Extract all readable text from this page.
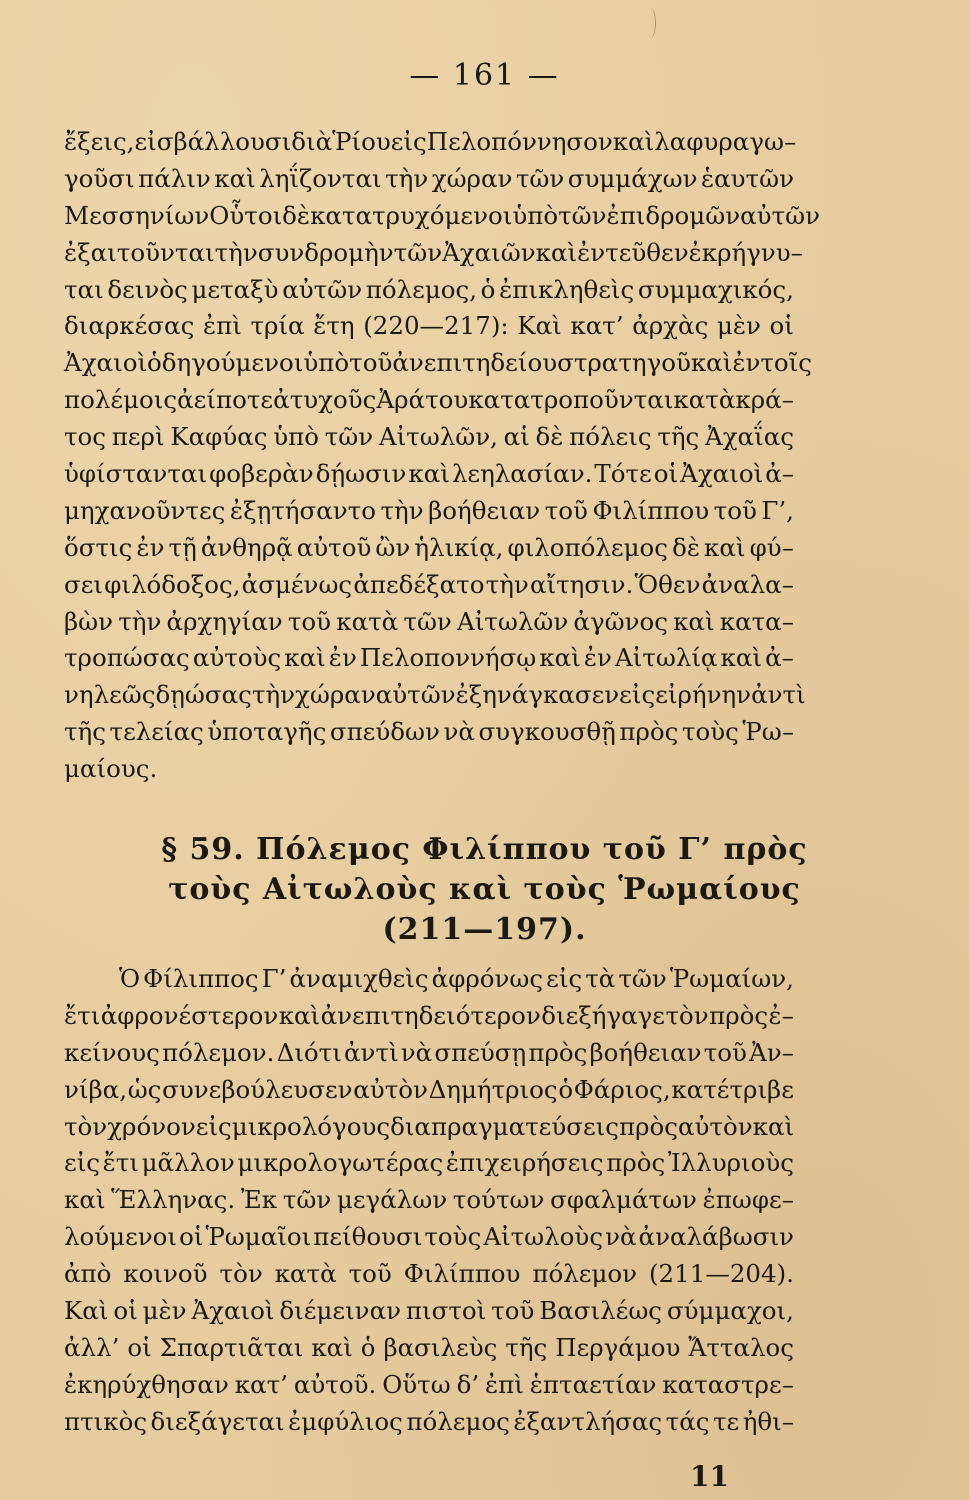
— 161 —
ἔξεις, εἰσβάλλουσι διὰ Ῥίου εἰς Πελοπόννησον καὶ λαφυραγω–
γοῦσι πάλιν καὶ ληΐζονται τὴν χώραν τῶν συμμάχων ἑαυτῶν
Μεσσηνίων Οὗτοι δὲ κατατρυχόμενοι ὑπὸ τῶν ἐπιδρομῶν αὐτῶν
ἐξαιτοῦνται τὴν συνδρομὴν τῶν Ἀχαιῶν καὶ ἐντεῦθεν ἐκρήγνυ–
ται δεινὸς μεταξὺ αὐτῶν πόλεμος, ὁ ἐπικληθεὶς συμμαχικός,
διαρκέσας ἐπὶ τρία ἔτη (220—217): Καὶ κατ’ ἀρχὰς μὲν οἱ
Ἀχαιοὶ ὁδηγούμενοι ὑπὸ τοῦ ἀνεπιτηδείου στρατηγοῦ καὶ ἐν τοῖς
πολέμοις ἀείποτε ἀτυχοῦς Ἀράτου κατατροποῦνται κατὰ κρά–
τος περὶ Καφύας ὑπὸ τῶν Αἰτωλῶν, αἱ δὲ πόλεις τῆς Ἀχαΐας
ὑφίστανται φοβερὰν δῄωσιν καὶ λεηλασίαν. Τότε οἱ Ἀχαιοὶ ἀ–
μηχανοῦντες ἐξῃτήσαντο τὴν βοήθειαν τοῦ Φιλίππου τοῦ Γ’,
ὅστις ἐν τῇ ἀνθηρᾷ αὐτοῦ ὢν ἡλικίᾳ, φιλοπόλεμος δὲ καὶ φύ–
σει φιλόδοξος, ἀσμένως ἀπεδέξατο τὴν αἴτησιν. Ὅθεν ἀναλα–
βὼν τὴν ἀρχηγίαν τοῦ κατὰ τῶν Αἰτωλῶν ἀγῶνος καὶ κατα–
τροπώσας αὐτοὺς καὶ ἐν Πελοποννήσῳ καὶ ἐν Αἰτωλίᾳ καὶ ἀ–
νηλεῶς δῃώσας τὴν χώραν αὐτῶν ἐξηνάγκασεν εἰς εἰρήνην ἀντὶ
τῆς τελείας ὑποταγῆς σπεύδων νὰ συγκουσθῇ πρὸς τοὺς Ῥω–
μαίους.
§ 59. Πόλεμος Φιλίππου τοῦ Γ’ πρὸς
τοὺς Αἰτωλοὺς καὶ τοὺς Ῥωμαίους
(211—197).
Ὁ Φίλιππος Γ’ ἀναμιχθεὶς ἀφρόνως εἰς τὰ τῶν Ῥωμαίων,
ἔτι ἀφρονέστερον καὶ ἀνεπιτηδειότερον διεξήγαγε τὸν πρὸς ἐ–
κείνους πόλεμον. Διότι ἀντὶ νὰ σπεύσῃ πρὸς βοήθειαν τοῦ Ἀν–
νίβα, ὡς συνεβούλευσεν αὐτὸν Δημήτριος ὁ Φάριος, κατέτριβε
τὸν χρόνον εἰς μικρολόγους διαπραγματεύσεις πρὸς αὐτὸν καὶ
εἰς ἔτι μᾶλλον μικρολογωτέρας ἐπιχειρήσεις πρὸς Ἰλλυριοὺς
καὶ Ἕλληνας. Ἐκ τῶν μεγάλων τούτων σφαλμάτων ἐπωφε–
λούμενοι οἱ Ῥωμαῖοι πείθουσι τοὺς Αἰτωλοὺς νὰ ἀναλάβωσιν
ἀπὸ κοινοῦ τὸν κατὰ τοῦ Φιλίππου πόλεμον (211—204).
Καὶ οἱ μὲν Ἀχαιοὶ διέμειναν πιστοὶ τοῦ Βασιλέως σύμμαχοι,
ἀλλ’ οἱ Σπαρτιᾶται καὶ ὁ βασιλεὺς τῆς Περγάμου Ἄτταλος
ἐκηρύχθησαν κατ’ αὐτοῦ. Οὕτω δ’ ἐπὶ ἑπταετίαν καταστρε–
πτικὸς διεξάγεται ἐμφύλιος πόλεμος ἐξαντλήσας τάς τε ἠθι–
11
